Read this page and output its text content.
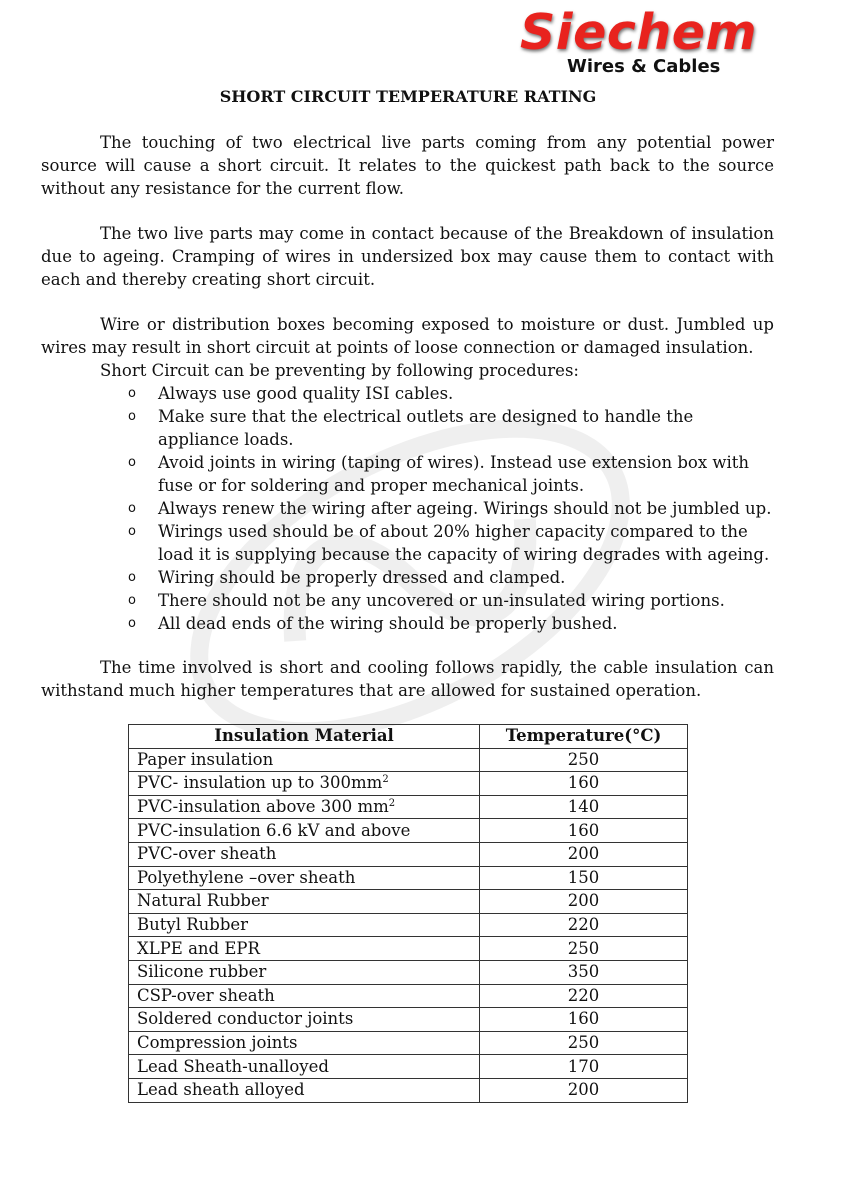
Siechem
Wires & Cables
SHORT CIRCUIT TEMPERATURE RATING

The touching of two electrical live parts coming from any potential power source will cause a short circuit. It relates to the quickest path back to the source without any resistance for the current flow.

The two live parts may come in contact because of the Breakdown of insulation due to ageing. Cramping of wires in undersized box may cause them to contact with each and thereby creating short circuit.

Wire or distribution boxes becoming exposed to moisture or dust. Jumbled up wires may result in short circuit at points of loose connection or damaged insulation.

Short Circuit can be preventing by following procedures:

o Always use good quality ISI cables.
o Make sure that the electrical outlets are designed to handle the appliance loads.
o Avoid joints in wiring (taping of wires). Instead use extension box with fuse or for soldering and proper mechanical joints.
o Always renew the wiring after ageing. Wirings should not be jumbled up.
o Wirings used should be of about 20% higher capacity compared to the load it is supplying because the capacity of wiring degrades with ageing.
o Wiring should be properly dressed and clamped.
o There should not be any uncovered or un-insulated wiring portions.
o All dead ends of the wiring should be properly bushed.

The time involved is short and cooling follows rapidly, the cable insulation can withstand much higher temperatures that are allowed for sustained operation.

Insulation Material	Temperature(°C)
Paper insulation	250
PVC- insulation up to $300mm^2$	160
PVC-insulation above 300 $mm^2$	140
PVC-insulation 6.6 kV and above	160
PVC-over sheath	200
Polyethylene –over sheath	150
Natural Rubber	200
Butyl Rubber	220
XLPE and EPR	250
Silicone rubber	350
CSP-over sheath	220
Soldered conductor joints	160
Compression joints	250
Lead Sheath-unalloyed	170
Lead sheath alloyed	200
